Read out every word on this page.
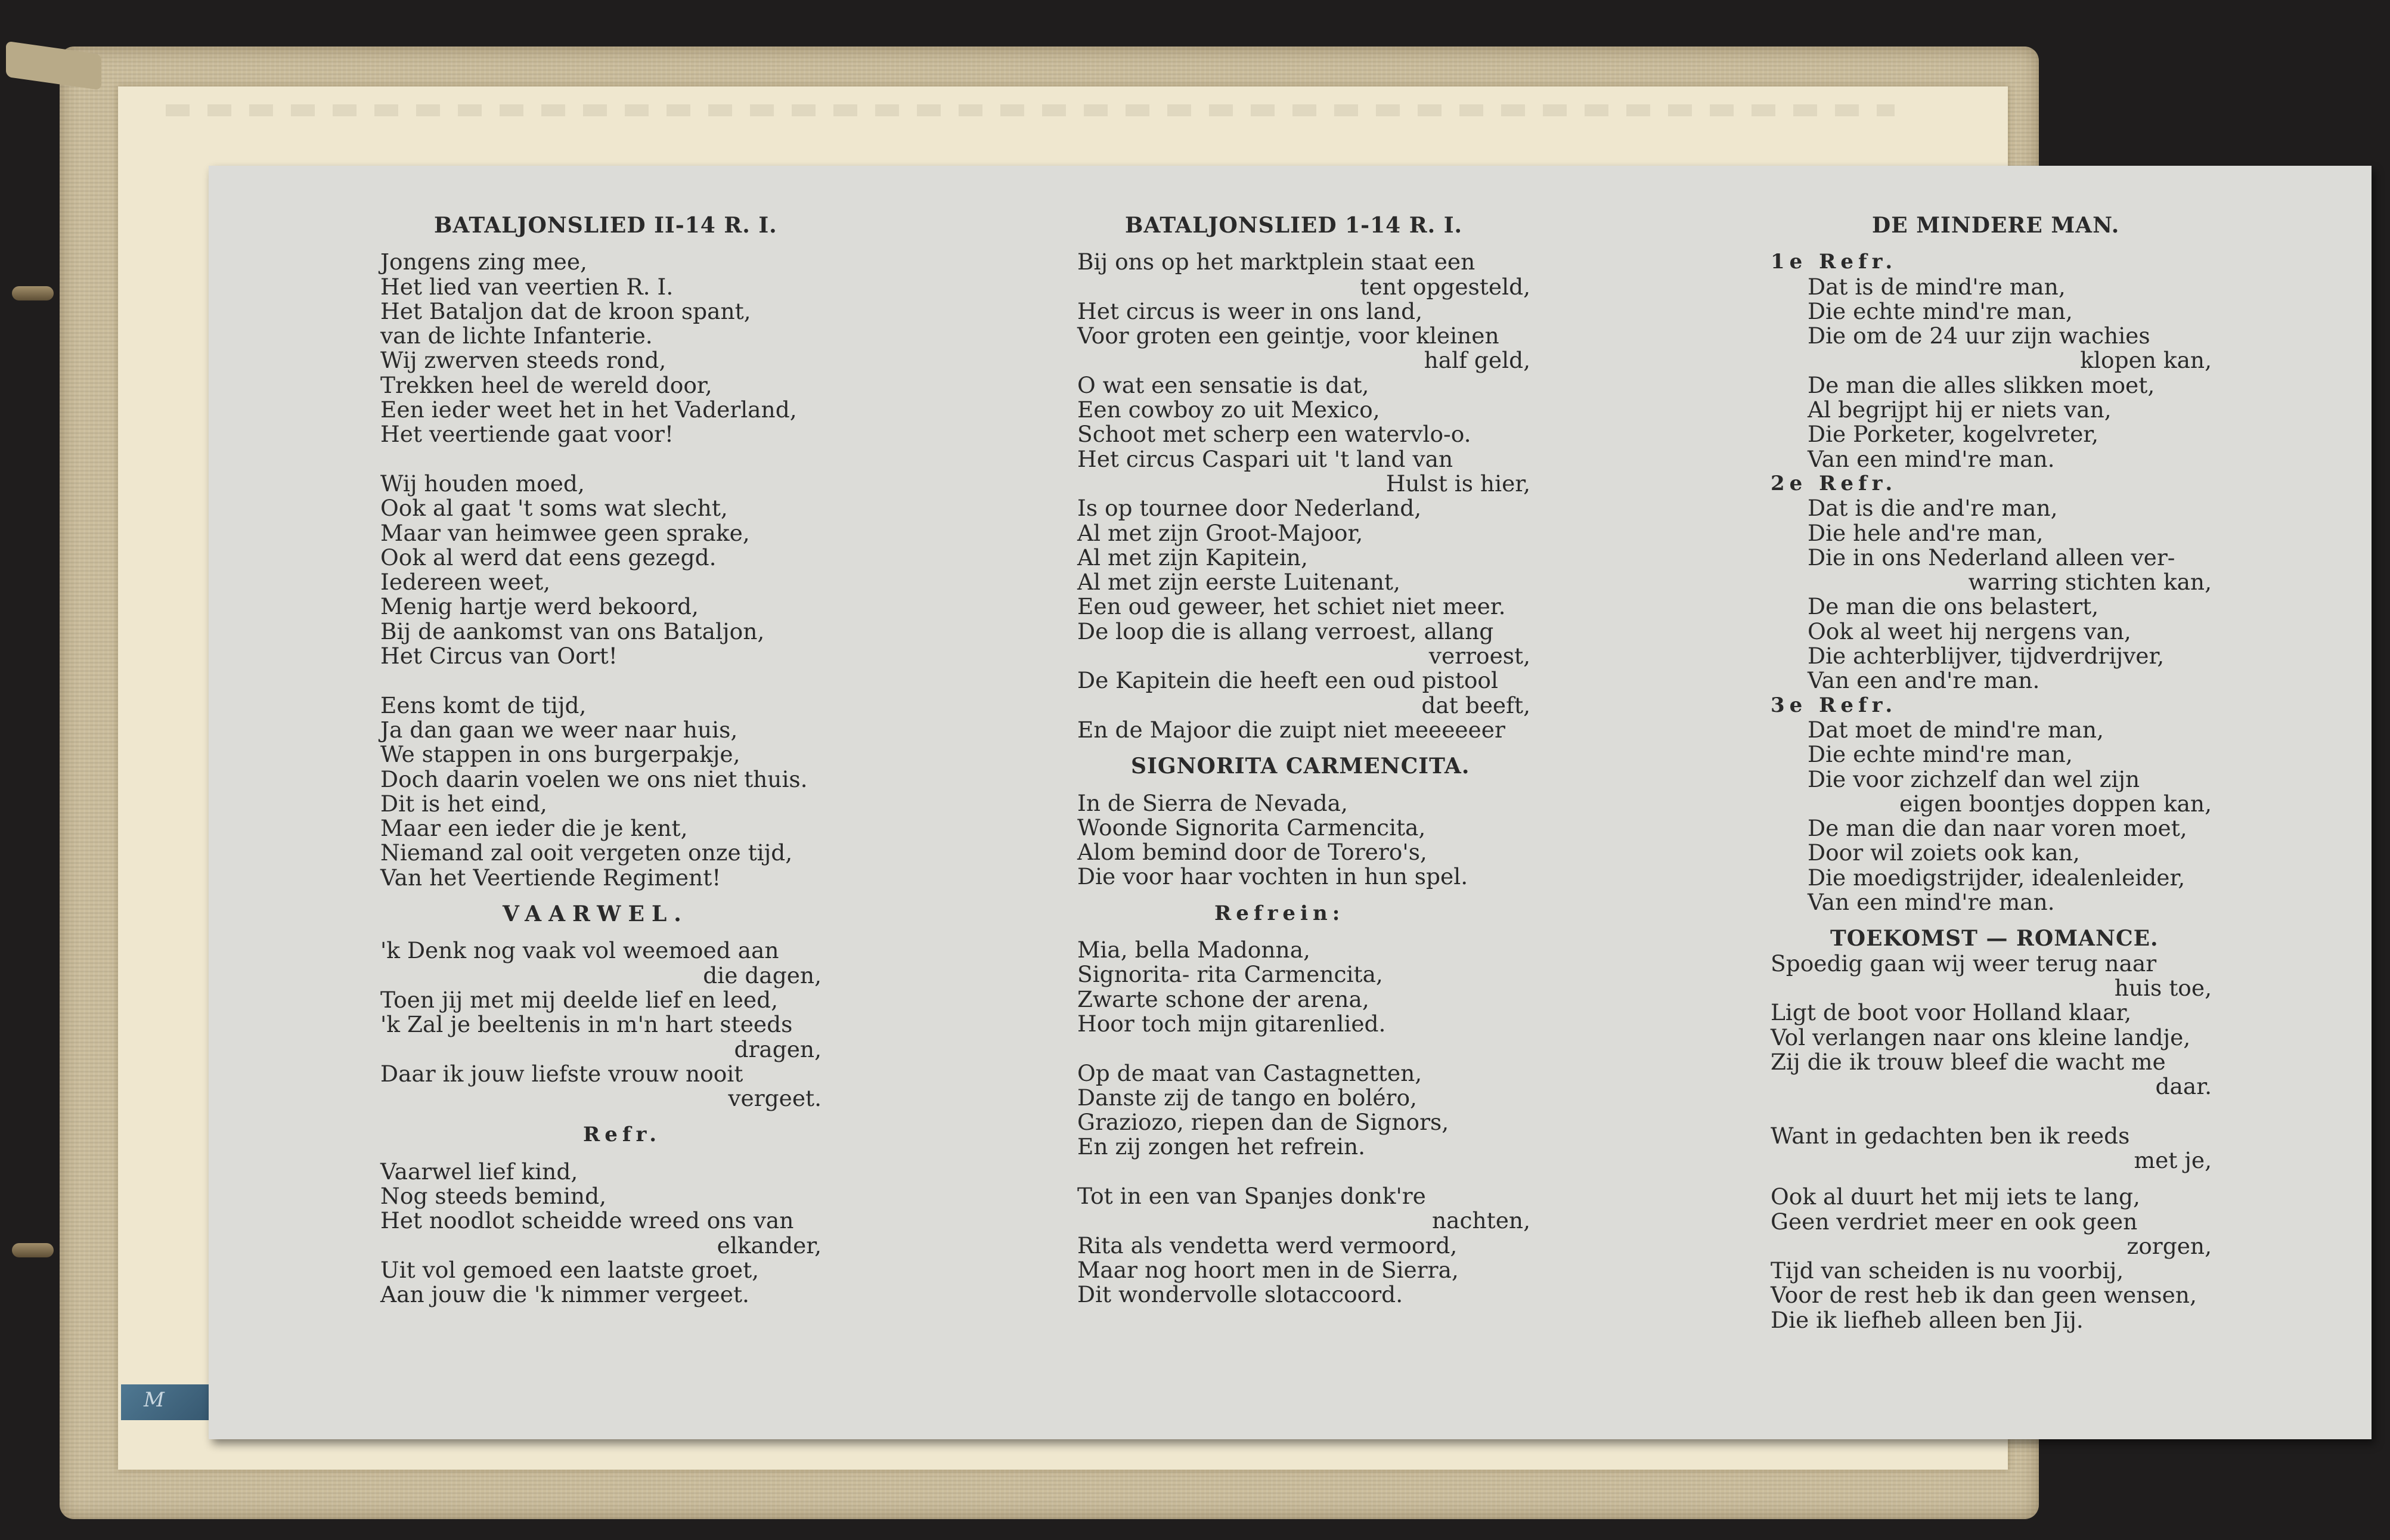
M
BATALJONSLIED II-14 R. I.
Jongens zing mee,
Het lied van veertien R. I.
Het Bataljon dat de kroon spant,
van de lichte Infanterie.
Wij zwerven steeds rond,
Trekken heel de wereld door,
Een ieder weet het in het Vaderland,
Het veertiende gaat voor!
Wij houden moed,
Ook al gaat 't soms wat slecht,
Maar van heimwee geen sprake,
Ook al werd dat eens gezegd.
Iedereen weet,
Menig hartje werd bekoord,
Bij de aankomst van ons Bataljon,
Het Circus van Oort!
Eens komt de tijd,
Ja dan gaan we weer naar huis,
We stappen in ons burgerpakje,
Doch daarin voelen we ons niet thuis.
Dit is het eind,
Maar een ieder die je kent,
Niemand zal ooit vergeten onze tijd,
Van het Veertiende Regiment!
VAARWEL.
'k Denk nog vaak vol weemoed aan
die dagen,
Toen jij met mij deelde lief en leed,
'k Zal je beeltenis in m'n hart steeds
dragen,
Daar ik jouw liefste vrouw nooit
vergeet.
Refr.
Vaarwel lief kind,
Nog steeds bemind,
Het noodlot scheidde wreed ons van
elkander,
Uit vol gemoed een laatste groet,
Aan jouw die 'k nimmer vergeet.
BATALJONSLIED 1-14 R. I.
Bij ons op het marktplein staat een
tent opgesteld,
Het circus is weer in ons land,
Voor groten een geintje, voor kleinen
half geld,
O wat een sensatie is dat,
Een cowboy zo uit Mexico,
Schoot met scherp een watervlo-o.
Het circus Caspari uit 't land van
Hulst is hier,
Is op tournee door Nederland,
Al met zijn Groot-Majoor,
Al met zijn Kapitein,
Al met zijn eerste Luitenant,
Een oud geweer, het schiet niet meer.
De loop die is allang verroest, allang
verroest,
De Kapitein die heeft een oud pistool
dat beeft,
En de Majoor die zuipt niet meeeeeer
SIGNORITA CARMENCITA.
In de Sierra de Nevada,
Woonde Signorita Carmencita,
Alom bemind door de Torero's,
Die voor haar vochten in hun spel.
Refrein:
Mia, bella Madonna,
Signorita- rita Carmencita,
Zwarte schone der arena,
Hoor toch mijn gitarenlied.
Op de maat van Castagnetten,
Danste zij de tango en boléro,
Graziozo, riepen dan de Signors,
En zij zongen het refrein.
Tot in een van Spanjes donk're
nachten,
Rita als vendetta werd vermoord,
Maar nog hoort men in de Sierra,
Dit wondervolle slotaccoord.
DE MINDERE MAN.
1e Refr.
Dat is de mind're man,
Die echte mind're man,
Die om de 24 uur zijn wachies
klopen kan,
De man die alles slikken moet,
Al begrijpt hij er niets van,
Die Porketer, kogelvreter,
Van een mind're man.
2e Refr.
Dat is die and're man,
Die hele and're man,
Die in ons Nederland alleen ver-
warring stichten kan,
De man die ons belastert,
Ook al weet hij nergens van,
Die achterblijver, tijdverdrijver,
Van een and're man.
3e Refr.
Dat moet de mind're man,
Die echte mind're man,
Die voor zichzelf dan wel zijn
eigen boontjes doppen kan,
De man die dan naar voren moet,
Door wil zoiets ook kan,
Die moedigstrijder, idealenleider,
Van een mind're man.
TOEKOMST — ROMANCE.
Spoedig gaan wij weer terug naar
huis toe,
Ligt de boot voor Holland klaar,
Vol verlangen naar ons kleine landje,
Zij die ik trouw bleef die wacht me
daar.
Want in gedachten ben ik reeds
met je,
Ook al duurt het mij iets te lang,
Geen verdriet meer en ook geen
zorgen,
Tijd van scheiden is nu voorbij,
Voor de rest heb ik dan geen wensen,
Die ik liefheb alleen ben Jij.
